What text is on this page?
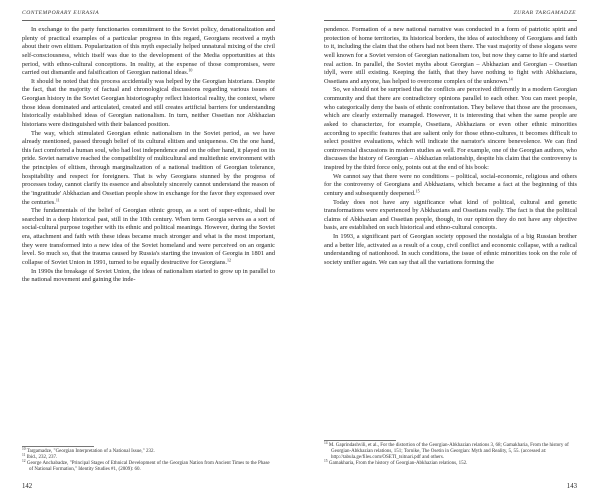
CONTEMPORARY EURASIA

In exchange to the party functionaries commitment to the Soviet policy, denationalization and plenty of practical examples of a particular progress in this regard, Georgians received a myth about their own elitism. Popularization of this myth especially helped unnatural mixing of the civil self-consciousness, which itself was due to the development of the Media opportunities at this period, with ethno-cultural conceptions. In reality, at the expense of those compromises, were carried out dismantle and falsification of Georgian national ideas.$^{10}$

It should be noted that this process accidentally was helped by the Georgian historians. Despite the fact, that the majority of factual and chronological discussions regarding various issues of Georgian history in the Soviet Georgian historiography reflect historical reality, the context, where those ideas dominated and articulated, created and still creates artificial barriers for understanding historically established ideas of Georgian nationalism. In turn, neither Ossetian nor Abkhazian historians were distinguished with their balanced position.

The way, which stimulated Georgian ethnic nationalism in the Soviet period, as we have already mentioned, passed through belief of its cultural elitism and uniqueness. On the one hand, this fact comforted a human soul, who had lost independence and on the other hand, it played on its pride. Soviet narrative reached the compatibility of multicultural and multiethnic environment with the principles of elitism, through marginalization of a national tradition of Georgian tolerance, hospitability and respect for foreigners. That is why Georgians stunned by the progress of processes today, cannot clarify its essence and absolutely sincerely cannot understand the reason of the 'ingratitude' Abkhazian and Ossetian people show in exchange for the favor they expressed over the centuries.$^{11}$

The fundamentals of the belief of Georgian ethnic group, as a sort of super-ethnic, shall be searched in a deep historical past, still in the 10th century. When term Georgia serves as a sort of social-cultural purpose together with its ethnic and political meanings. However, during the Soviet era, attachment and faith with these ideas became much stronger and what is the most important, they were transformed into a new idea of the Soviet homeland and were perceived on an organic level. So much so, that the trauma caused by Russia's starting the invasion of Georgia in 1801 and collapse of Soviet Union in 1991, turned to be equally destructive for Georgians.$^{12}$

In 1990s the breakage of Soviet Union, the ideas of nationalism started to grow up in parallel to the national movement and gaining the inde-

$^{10}$ Targamadze, "Georgian Interpretation of a National Issue," 232.

$^{11}$ Ibid., 232, 237.

$^{12}$ George Anchabadze, "Principal Stages of Ethnical Development of the Georgian Nation from Ancient Times to the Phase of National Formation," Identity Studies #1, (2009): 60.

142
ZURAB TARGAMADZE

pendence. Formation of a new national narrative was conducted in a form of patriotic spirit and protection of home territories, its historical borders, the idea of autochthony of Georgians and faith to it, including the claim that the others had not been there. The vast majority of these slogans were well known for a Soviet version of Georgian nationalism too, but now they came to life and started real action. In parallel, the Soviet myths about Georgian – Abkhazian and Georgian – Ossetian idyll, were still existing. Keeping the faith, that they have nothing to fight with Abkhazians, Ossetians and anyone, has helped to overcome complex of the unknown.$^{14}$

So, we should not be surprised that the conflicts are perceived differently in a modern Georgian community and that there are contradictory opinions parallel to each other. You can meet people, who categorically deny the basis of ethnic confrontation. They believe that those are the processes, which are clearly externally managed. However, it is interesting that when the same people are asked to characterize, for example, Ossetians, Abkhazians or even other ethnic minorities according to specific features that are salient only for those ethno-cultures, it becomes difficult to select positive evaluations, which will indicate the narrator's sincere benevolence. We can find controversial discussions in modern studies as well. For example, one of the Georgian authors, who discusses the history of Georgian – Abkhazian relationship, despite his claim that the controversy is inspired by the third force only, points out at the end of his book:

We cannot say that there were no conditions – political, social-economic, religious and others for the controversy of Georgians and Abkhazians, which became a fact at the beginning of this century and subsequently deepened.$^{15}$

Today does not have any significance what kind of political, cultural and genetic transformations were experienced by Abkhazians and Ossetians really. The fact is that the political claims of Abkhazian and Ossetian people, though, in our opinion they do not have any objective basis, are established on such historical and ethno-cultural concepts.

In 1993, a significant part of Georgian society opposed the nostalgia of a big Russian brother and a better life, activated as a result of a coup, civil conflict and economic collapse, with a radical understanding of nationhood. In such conditions, the issue of ethnic minorities took on the role of society unifier again. We can say that all the variations forming the

$^{14}$ M. Gaprindashvili, et al., For the distortion of the Georgian-Abkhazian relations 3, 68; Gamakharia, From the history of Georgian-Abkhazian relations, 151; Tornike, The Osetin in Georgian: Myth and Reality, 5, 55. (accessed at: http://tabula.ge/files.com/OSETI_tsitnari.pdf and others.

$^{15}$ Gamakharia, From the history of Georgian-Abkhazian relations, 152.

143
